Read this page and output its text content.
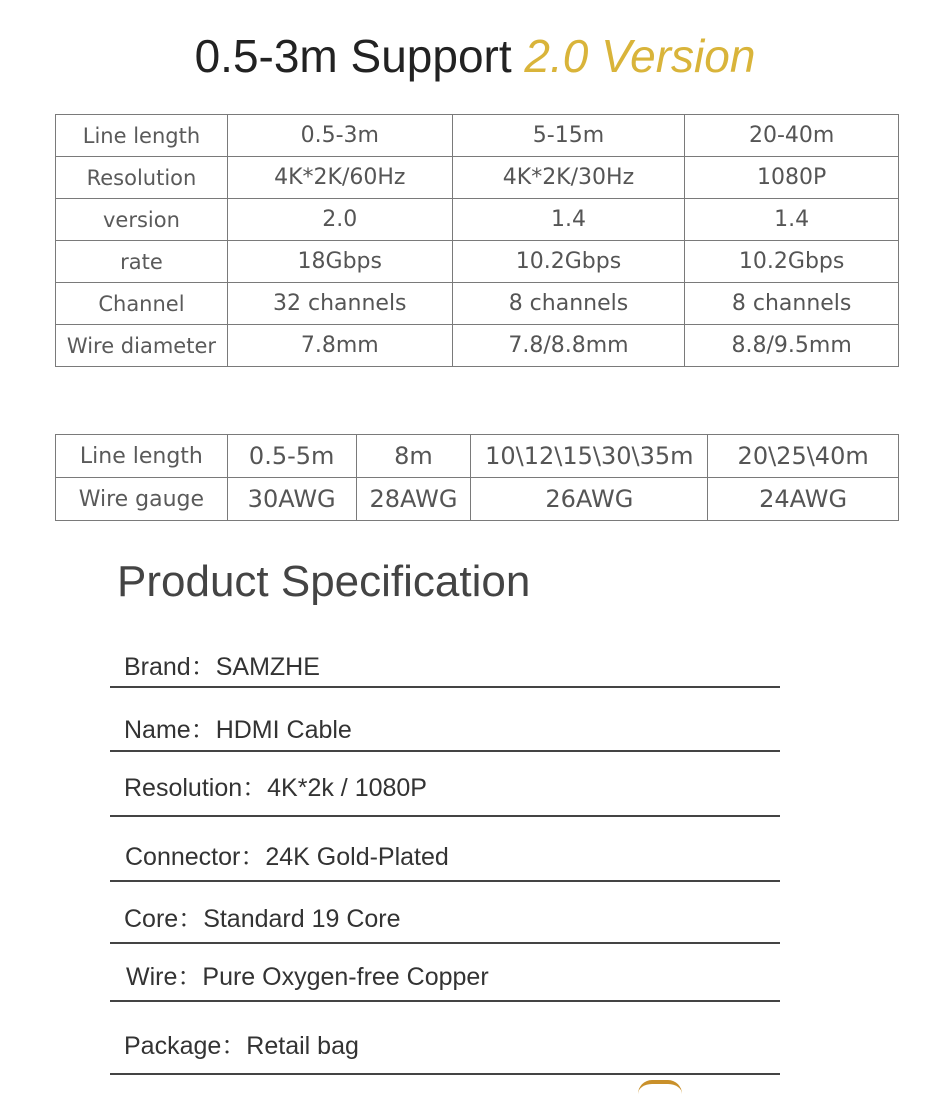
0.5-3m Support 2.0 Version
Line length	0.5-3m	5-15m	20-40m
Resolution	4K*2K/60Hz	4K*2K/30Hz	1080P
version	2.0	1.4	1.4
rate	18Gbps	10.2Gbps	10.2Gbps
Channel	32 channels	8 channels	8 channels
Wire diameter	7.8mm	7.8/8.8mm	8.8/9.5mm
Line length	0.5-5m	8m	10\12\15\30\35m	20\25\40m
Wire gauge	30AWG	28AWG	26AWG	24AWG
Product Specification
Brand：SAMZHE
Name：HDMI Cable
Resolution：4K*2k / 1080P
Connector：24K Gold-Plated
Core：Standard 19 Core
Wire：Pure Oxygen-free Copper
Package：Retail bag
